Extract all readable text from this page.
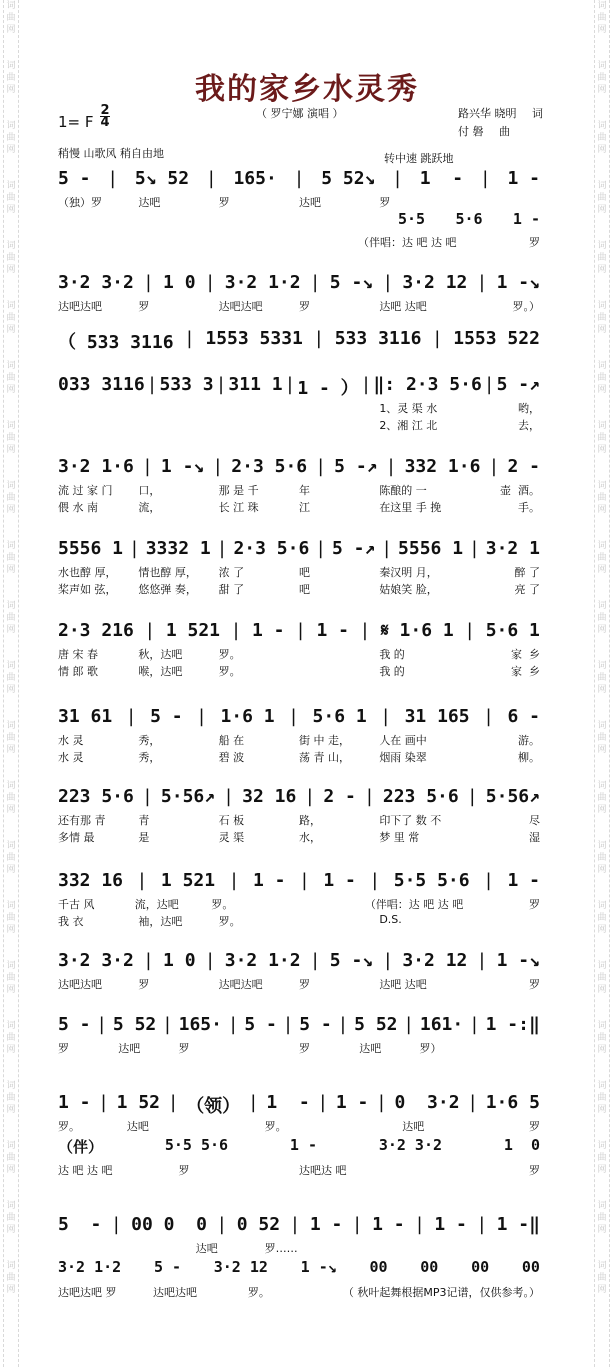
词
曲
网
词
曲
网
词
曲
网
词
曲
网
词
曲
网
词
曲
网
词
曲
网
词
曲
网
词
曲
网
词
曲
网
词
曲
网
词
曲
网
词
曲
网
词
曲
网
词
曲
网
词
曲
网
词
曲
网
词
曲
网
词
曲
网
词
曲
网
词
曲
网
词
曲
网
词
曲
网
词
曲
网
词
曲
网
词
曲
网
词
曲
网
词
曲
网
词
曲
网
词
曲
网
词
曲
网
词
曲
网
词
曲
网
词
曲
网
词
曲
网
词
曲
网
词
曲
网
词
曲
网
词
曲
网
词
曲
网
词
曲
网
词
曲
网
词
曲
网
词
曲
网
我的家乡水灵秀
（ 罗宁娜 演唱 ）
1= F
2
4
路兴华 晓明 词
付 磐 曲
稍慢 山歌风 稍自由地	转中速 跳跃地
5 - | 5↘ 52 | 165· | 5 52↘ | 1  - | 1 -
（独）罗	达吧	罗	达吧	罗
5·5 5·6 1 -
（伴唱：达 吧 达 吧	罗
3·2 3·2 | 1 0 | 3·2 1·2 | 5 -↘ | 3·2 12 | 1 -↘
达吧达吧	罗	达吧达吧	罗	达吧 达吧	罗。）
（ 533 3116 | 1553 5331 | 533 3116 | 1553 522
033 3116 | 533 3 | 311 1 | 1 - ） | ‖: 2·3 5·6 | 5 -↗
1、灵 渠 水	哟，
2、湘 江 北	去，
3·2 1·6 | 1 -↘ | 2·3 5·6 | 5 -↗ | 332 1·6 | 2 -
流 过 家 门	口，	那 是 千	年	陈酿的 一	壶  酒。
偎 水 南	流，	长 江 珠	江	在这里 手 挽	手。
5556 1 | 3332 1 | 2·3 5·6 | 5 -↗ | 5556 1 | 3·2 1
水也醇 厚，	情也醇 厚，	浓 了	吧	秦汉明 月，	醉 了
桨声如 弦，	悠悠弹 奏，	甜 了	吧	姑娘笑 脸，	亮 了
2·3 216 | 1 521 | 1 - | 1 - | 𝄋 1·6 1 | 5·6 1
唐 宋 春	秋，达吧	罗。	我 的	家  乡
情 郎 歌	喉，达吧	罗。	我 的	家  乡
31 61 | 5 - | 1·6 1 | 5·6 1 | 31 165 | 6 -
水 灵	秀，	船 在	街 中 走，	人在 画中	游。
水 灵	秀，	碧 波	荡 青 山，	烟雨 染翠	柳。
223 5·6 | 5·56↗ | 32 16 | 2 - | 223 5·6 | 5·56↗
还有那 青	青	石 板	路，	印下了 数 不	尽
多情 最	是	灵 渠	水，	梦 里 常	湿
332 16 | 1 521 | 1 - | 1 - | 5·5 5·6 | 1 -
千古 风	流，达吧	罗。	（伴唱：达 吧 达 吧	罗
我 衣	袖，达吧	罗。	D.S.
3·2 3·2 | 1 0 | 3·2 1·2 | 5 -↘ | 3·2 12 | 1 -↘
达吧达吧	罗	达吧达吧	罗	达吧 达吧	罗
5 - | 5 52 | 165· | 5 - | 5 - | 5 52 | 161· | 1 -:‖
罗	达吧	罗	罗	达吧	罗）
1 - | 1 52 | （领） | 1  - | 1 - | 0  3·2 | 1·6 5
罗。	达吧	罗。	达吧	罗
（伴）	5·5 5·6	1 -	3·2 3·2	1  0
达 吧 达 吧	罗	达吧达 吧	罗
5  - | 00 0  0 | 0 52 | 1 - | 1 - | 1 - | 1 -‖
达吧	罗……
3·2 1·2 5 - 3·2 12 1 -↘ 00 00 00 00
达吧达吧 罗	达吧达吧	罗。	（ 秋叶起舞根据MP3记谱，仅供参考。）
